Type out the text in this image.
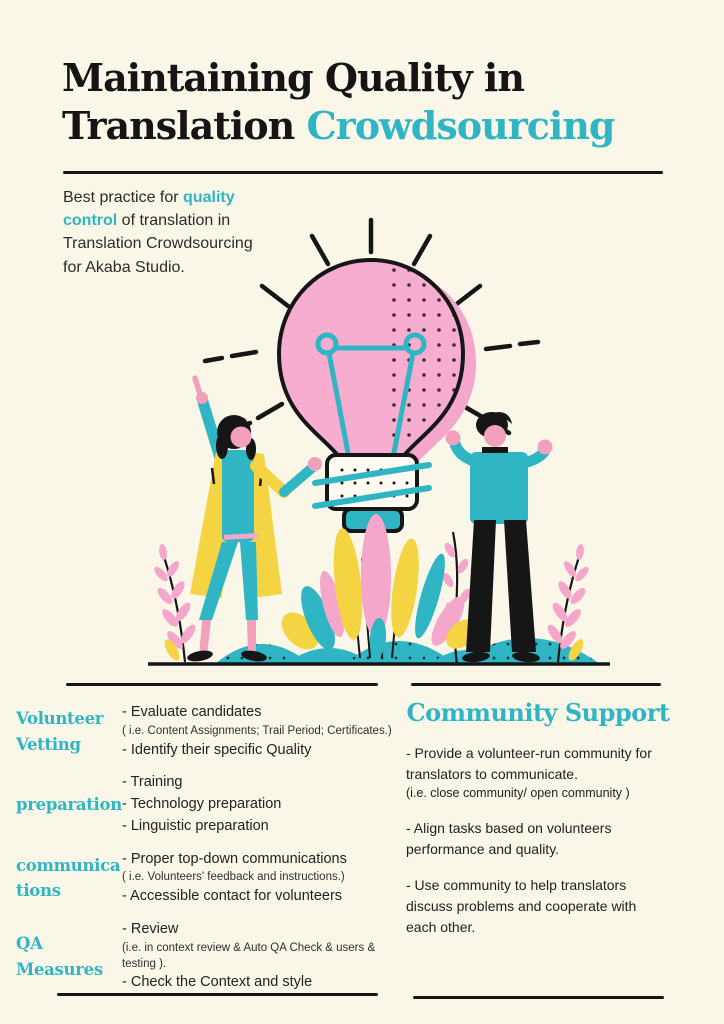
Maintaining Quality in
Translation Crowdsourcing

Best practice for quality
control of translation in
Translation Crowdsourcing
for Akaba Studio.

Volunteer
Vetting
- Evaluate candidates
( i.e. Content Assignments; Trail Period; Certificates.)
- Identify their specific Quality
preparation
- Training
- Technology preparation
- Linguistic preparation
communica
tions
- Proper top-down communications
( i.e. Volunteers' feedback and instructions.)
- Accessible contact for volunteers
QA
Measures
- Review
(i.e. in context review & Auto QA Check & users & testing ).
- Check the Context and style
Community Support
- Provide a volunteer-run community for translators to communicate.
(i.e. close community/ open community )
- Align tasks based on volunteers performance and quality.
- Use community to help translators discuss problems and cooperate with each other.
